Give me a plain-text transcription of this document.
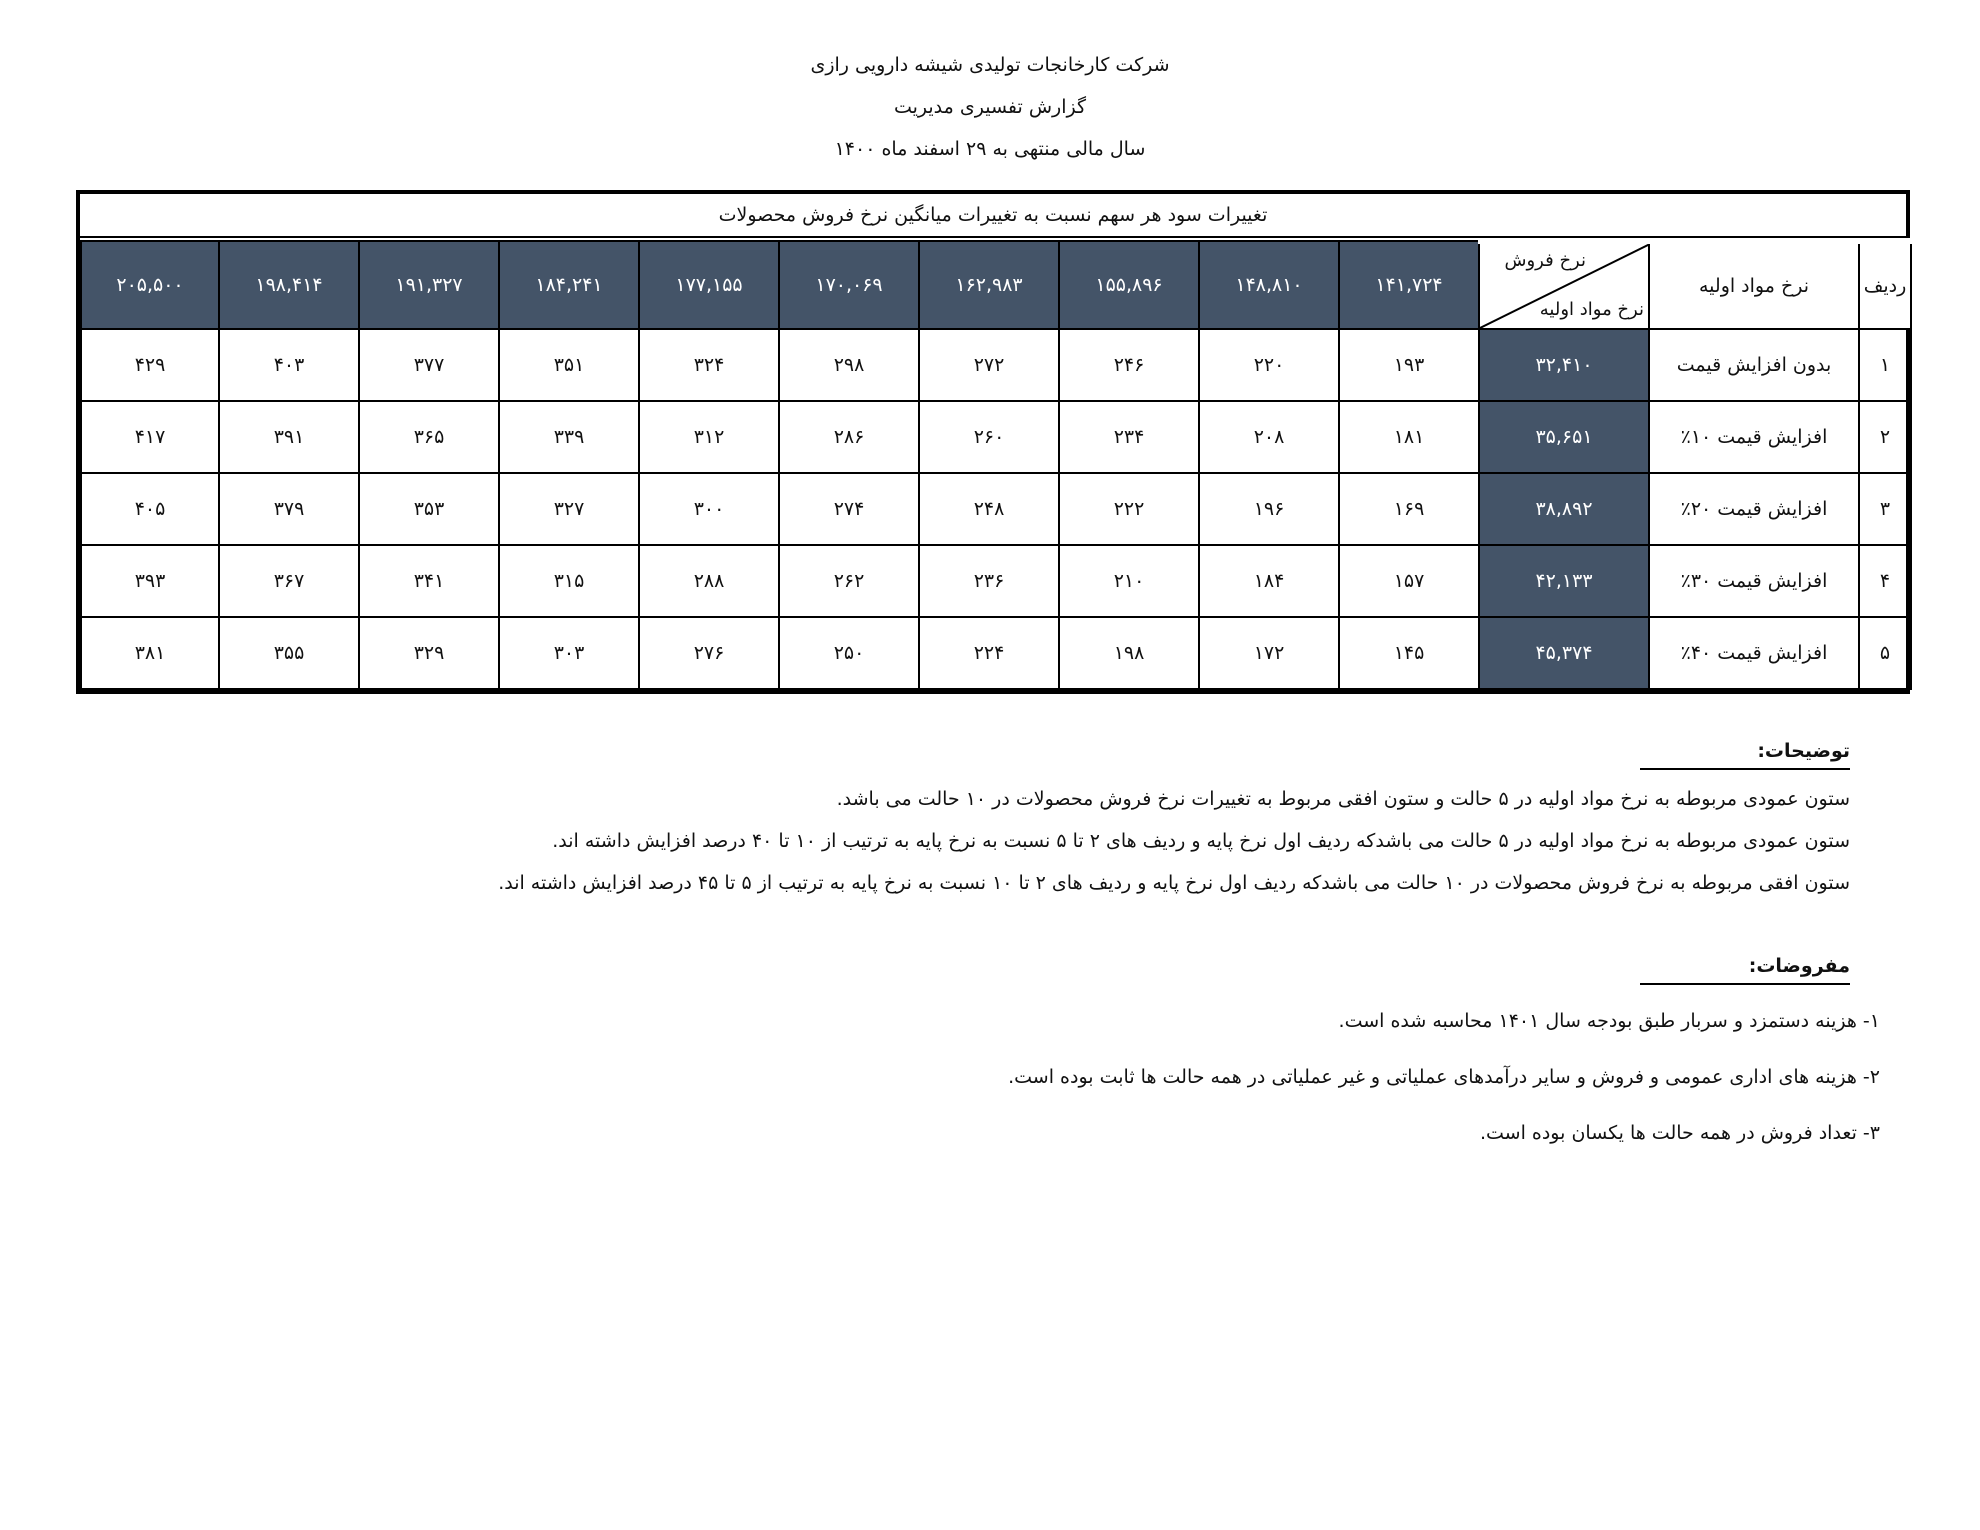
شرکت کارخانجات تولیدی شیشه دارویی رازی
گزارش تفسیری مدیریت
سال مالی منتهی به ۲۹ اسفند ماه ۱۴۰۰
تغییرات سود هر سهم نسبت به تغییرات میانگین نرخ فروش محصولات
ردیف	نرخ مواد اولیه	نرخ فروش
نرخ مواد اولیه	۱۴۱,۷۲۴	۱۴۸,۸۱۰	۱۵۵,۸۹۶	۱۶۲,۹۸۳	۱۷۰,۰۶۹	۱۷۷,۱۵۵	۱۸۴,۲۴۱	۱۹۱,۳۲۷	۱۹۸,۴۱۴	۲۰۵,۵۰۰
۱	بدون افزایش قیمت	۳۲,۴۱۰	۱۹۳	۲۲۰	۲۴۶	۲۷۲	۲۹۸	۳۲۴	۳۵۱	۳۷۷	۴۰۳	۴۲۹
۲	افزایش قیمت ۱۰٪	۳۵,۶۵۱	۱۸۱	۲۰۸	۲۳۴	۲۶۰	۲۸۶	۳۱۲	۳۳۹	۳۶۵	۳۹۱	۴۱۷
۳	افزایش قیمت ۲۰٪	۳۸,۸۹۲	۱۶۹	۱۹۶	۲۲۲	۲۴۸	۲۷۴	۳۰۰	۳۲۷	۳۵۳	۳۷۹	۴۰۵
۴	افزایش قیمت ۳۰٪	۴۲,۱۳۳	۱۵۷	۱۸۴	۲۱۰	۲۳۶	۲۶۲	۲۸۸	۳۱۵	۳۴۱	۳۶۷	۳۹۳
۵	افزایش قیمت ۴۰٪	۴۵,۳۷۴	۱۴۵	۱۷۲	۱۹۸	۲۲۴	۲۵۰	۲۷۶	۳۰۳	۳۲۹	۳۵۵	۳۸۱
توضیحات:
ستون عمودی مربوطه به نرخ مواد اولیه در ۵ حالت و ستون افقی مربوط به تغییرات نرخ فروش محصولات در ۱۰ حالت می باشد.
ستون عمودی مربوطه به نرخ مواد اولیه در ۵ حالت می باشدکه ردیف اول نرخ پایه و ردیف های ۲ تا ۵ نسبت به نرخ پایه به ترتیب از ۱۰ تا ۴۰ درصد افزایش داشته اند.
ستون افقی مربوطه به نرخ فروش محصولات در ۱۰ حالت می باشدکه ردیف اول نرخ پایه و ردیف های ۲ تا ۱۰ نسبت به نرخ پایه به ترتیب از ۵ تا ۴۵ درصد افزایش داشته اند.
مفروضات:
۱- هزینه دستمزد و سربار طبق بودجه سال ۱۴۰۱ محاسبه شده است.
۲- هزینه های اداری عمومی و فروش و سایر درآمدهای عملیاتی و غیر عملیاتی در همه حالت ها ثابت بوده است.
۳- تعداد فروش در همه حالت ها یکسان بوده است.
